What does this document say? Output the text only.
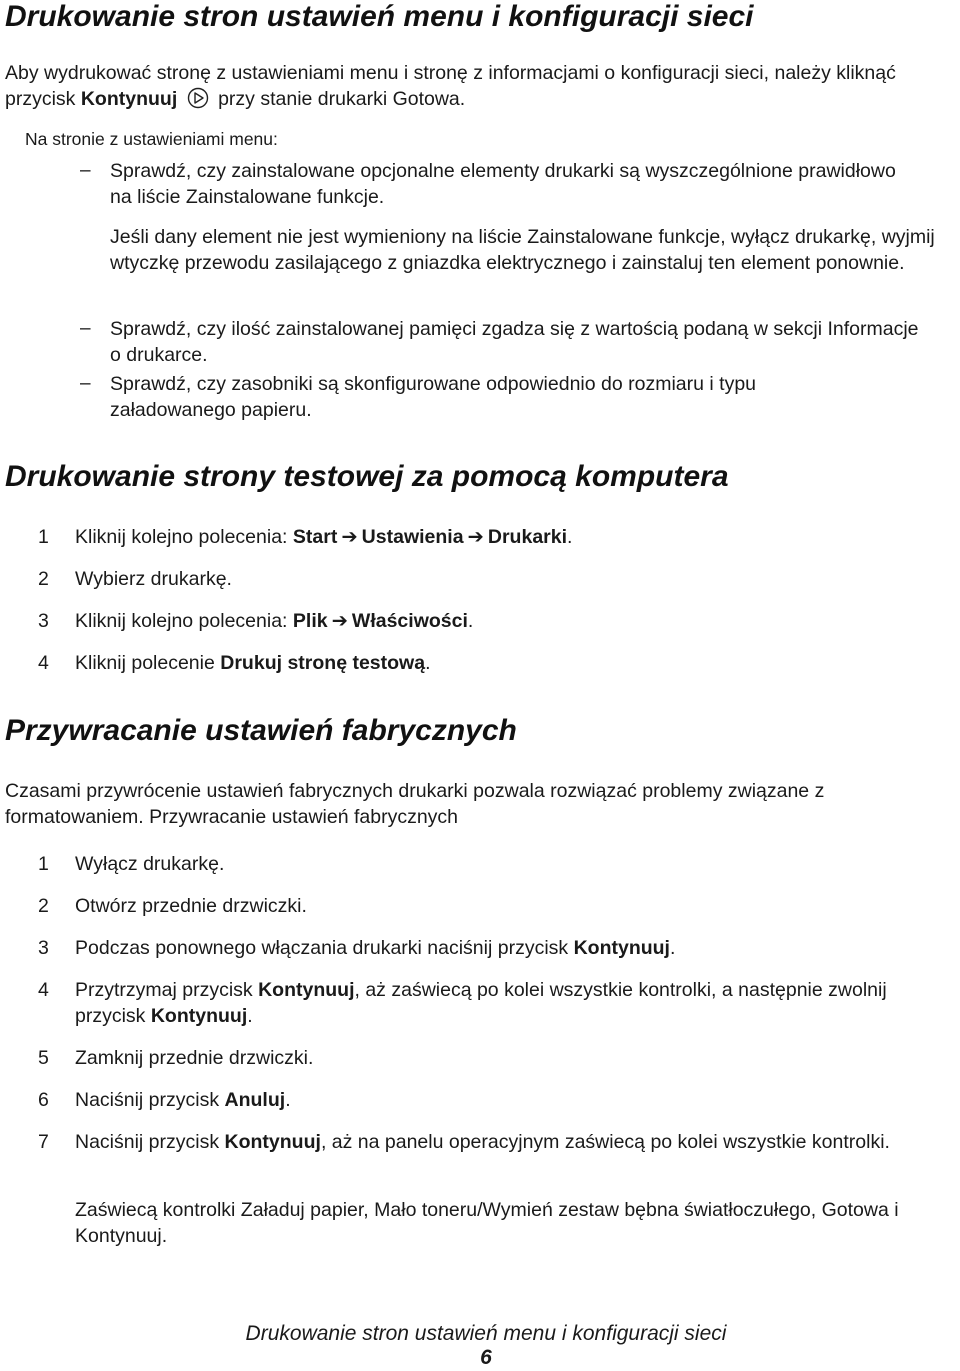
Drukowanie stron ustawień menu i konfiguracji sieci
Aby wydrukować stronę z ustawieniami menu i stronę z informacjami o konfiguracji sieci, należy kliknąć przycisk Kontynuuj  przy stanie drukarki Gotowa.
Na stronie z ustawieniami menu:
– Sprawdź, czy zainstalowane opcjonalne elementy drukarki są wyszczególnione prawidłowo na liście Zainstalowane funkcje.
Jeśli dany element nie jest wymieniony na liście Zainstalowane funkcje, wyłącz drukarkę, wyjmij wtyczkę przewodu zasilającego z gniazdka elektrycznego i zainstaluj ten element ponownie.
– Sprawdź, czy ilość zainstalowanej pamięci zgadza się z wartością podaną w sekcji Informacje o drukarce.
– Sprawdź, czy zasobniki są skonfigurowane odpowiednio do rozmiaru i typu załadowanego papieru.
Drukowanie strony testowej za pomocą komputera
1	Kliknij kolejno polecenia: Start ➔ Ustawienia ➔ Drukarki.
2	Wybierz drukarkę.
3	Kliknij kolejno polecenia: Plik ➔ Właściwości.
4	Kliknij polecenie Drukuj stronę testową.
Przywracanie ustawień fabrycznych
Czasami przywrócenie ustawień fabrycznych drukarki pozwala rozwiązać problemy związane z formatowaniem. Przywracanie ustawień fabrycznych
1	Wyłącz drukarkę.
2	Otwórz przednie drzwiczki.
3	Podczas ponownego włączania drukarki naciśnij przycisk Kontynuuj.
4	Przytrzymaj przycisk Kontynuuj, aż zaświecą po kolei wszystkie kontrolki, a następnie zwolnij przycisk Kontynuuj.
5	Zamknij przednie drzwiczki.
6	Naciśnij przycisk Anuluj.
7	Naciśnij przycisk Kontynuuj, aż na panelu operacyjnym zaświecą po kolei wszystkie kontrolki.
Zaświecą kontrolki Załaduj papier, Mało toneru/Wymień zestaw bębna światłoczułego, Gotowa i Kontynuuj.
Drukowanie stron ustawień menu i konfiguracji sieci
6
